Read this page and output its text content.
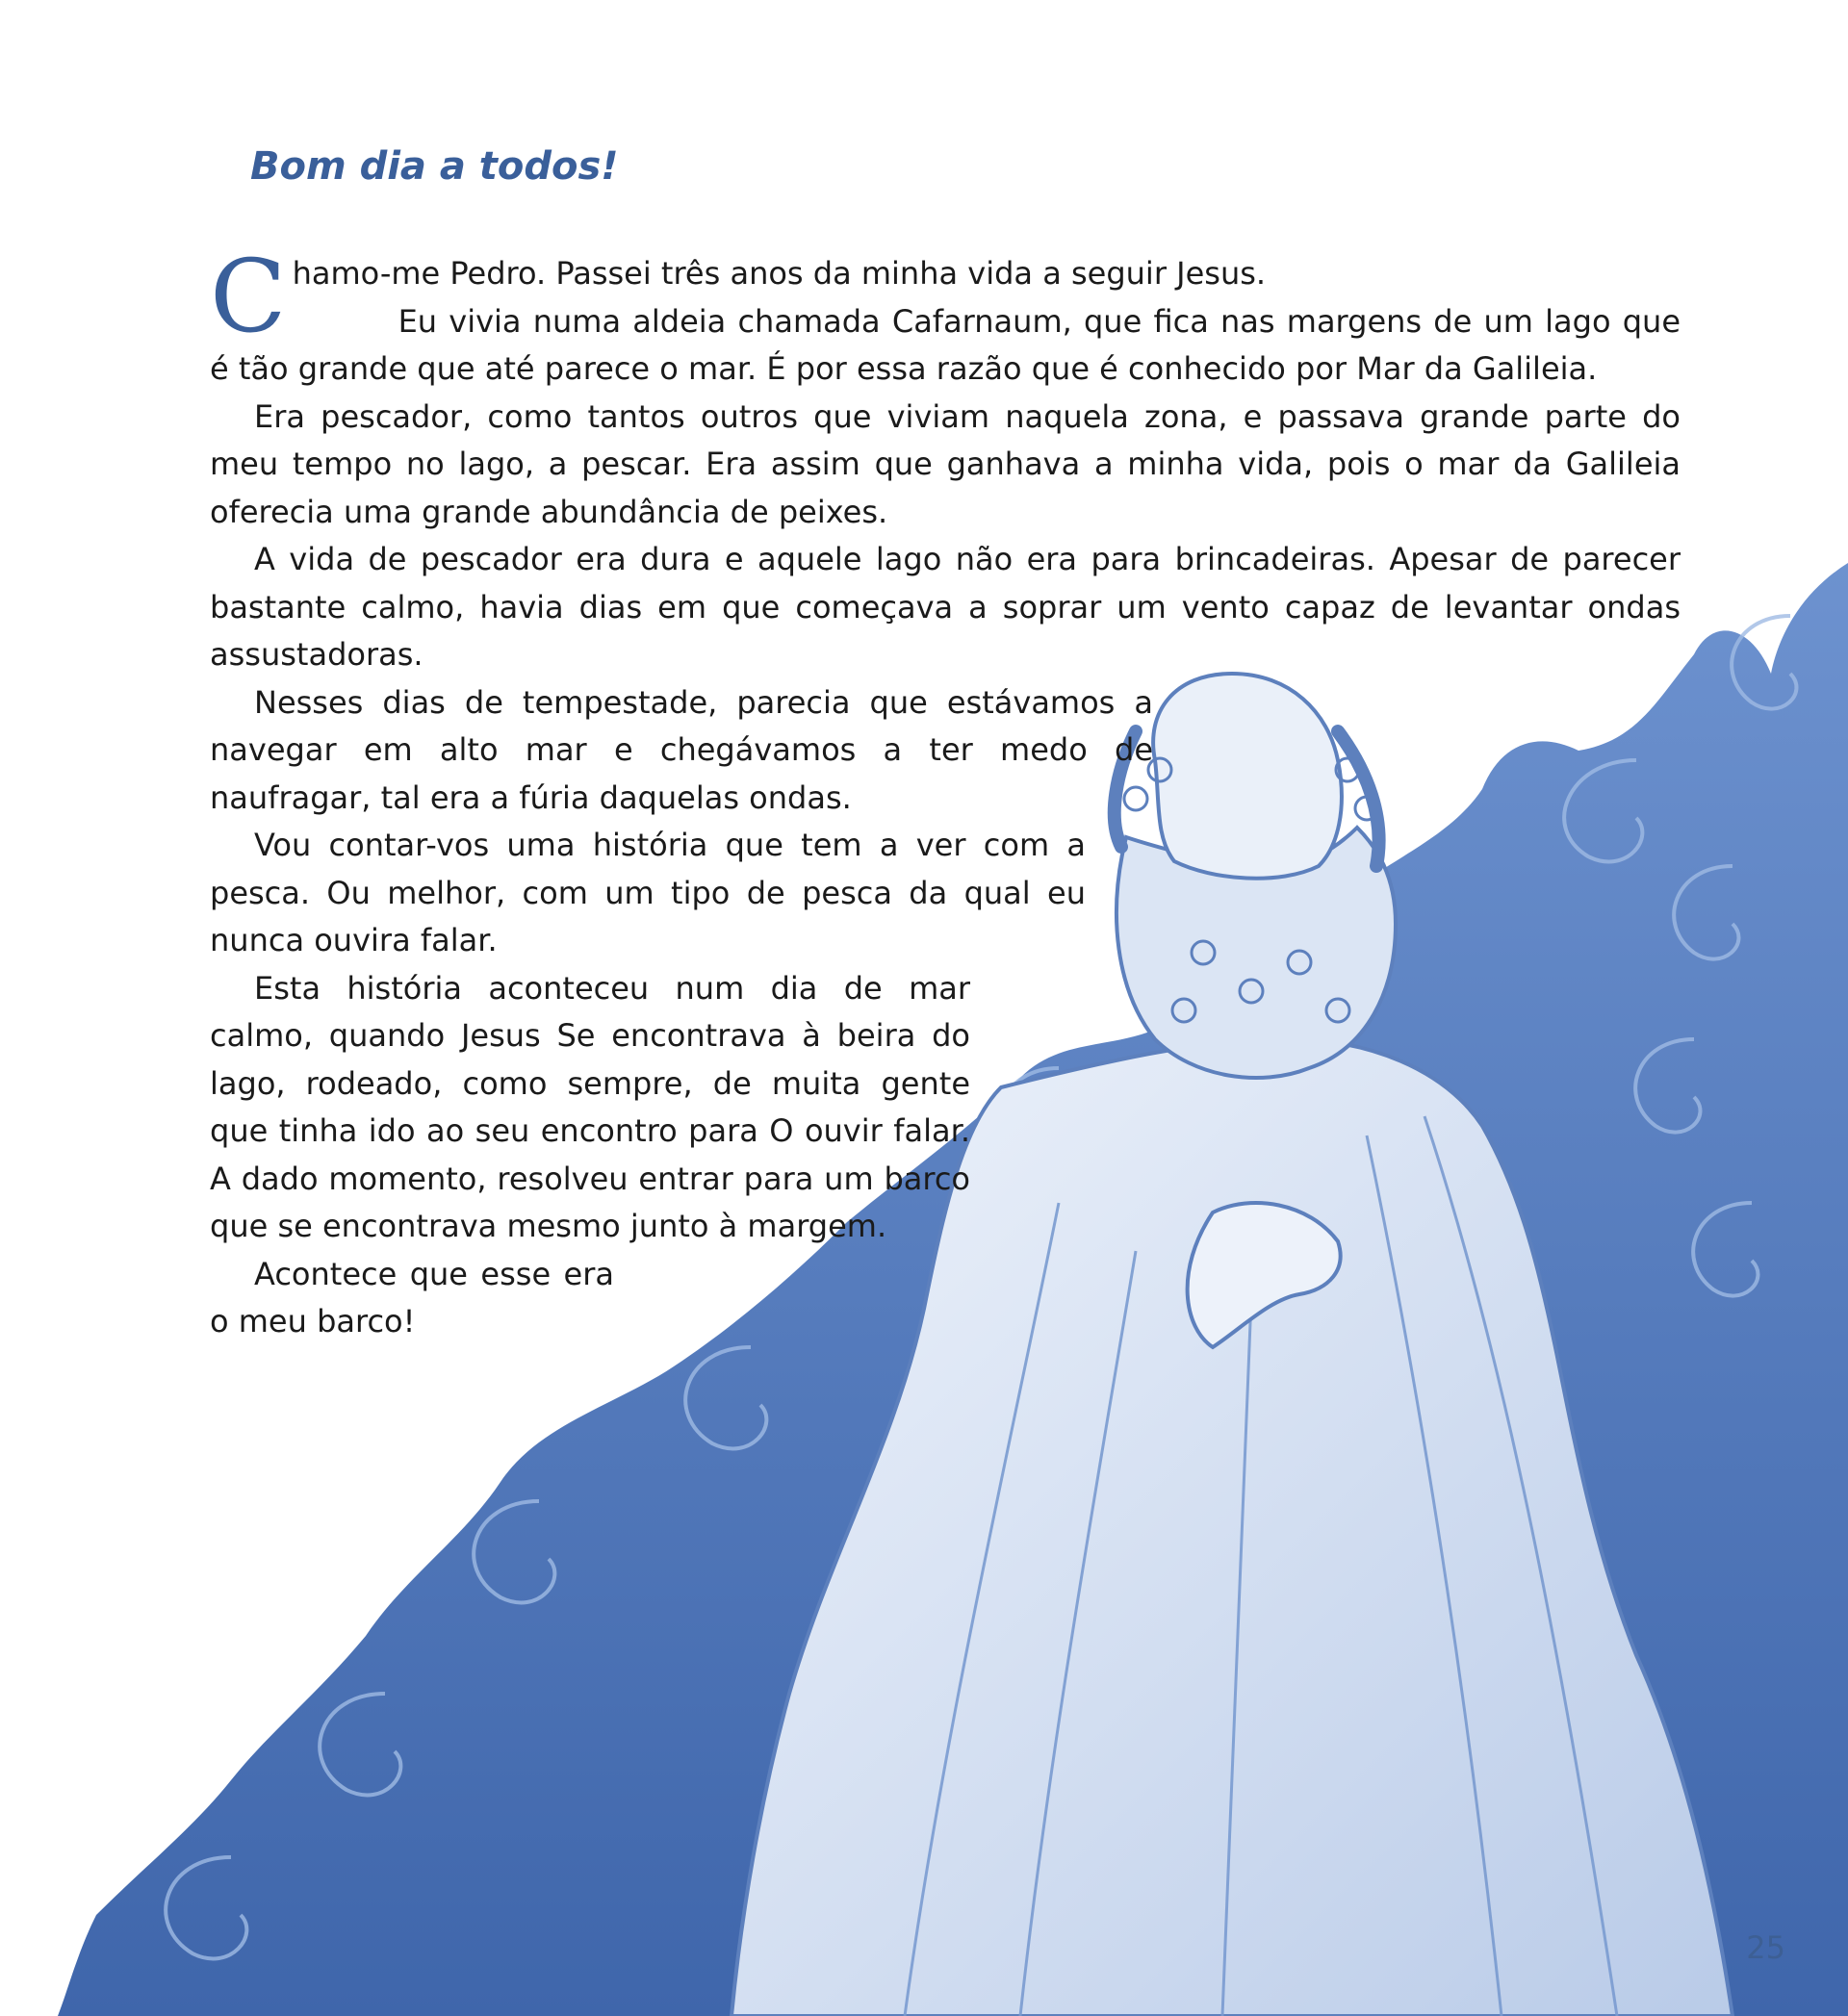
Bom dia a todos!

Chamo-me Pedro. Passei três anos da minha vida a seguir Jesus.
Eu vivia numa aldeia chamada Cafarnaum, que fica nas margens de um lago que é tão grande que até parece o mar. É por essa razão que é conhecido por Mar da Galileia.

Era pescador, como tantos outros que viviam naquela zona, e passava grande parte do meu tempo no lago, a pescar. Era assim que ganhava a minha vida, pois o mar da Galileia oferecia uma grande abundância de peixes.

A vida de pescador era dura e aquele lago não era para brincadeiras. Apesar de parecer bastante calmo, havia dias em que começava a soprar um vento capaz de levantar ondas assustadoras.

Nesses dias de tempestade, parecia que estávamos a navegar em alto mar e chegávamos a ter medo de naufragar, tal era a fúria daquelas ondas.

Vou contar-vos uma história que tem a ver com a pesca. Ou melhor, com um tipo de pesca da qual eu nunca ouvira falar.

Esta história aconteceu num dia de mar calmo, quando Jesus Se encontrava à beira do lago, rodeado, como sempre, de muita gente que tinha ido ao seu encontro para O ouvir falar. A dado momento, resolveu entrar para um barco que se encontrava mesmo junto à margem.

Acontece que esse era o meu barco!

25
